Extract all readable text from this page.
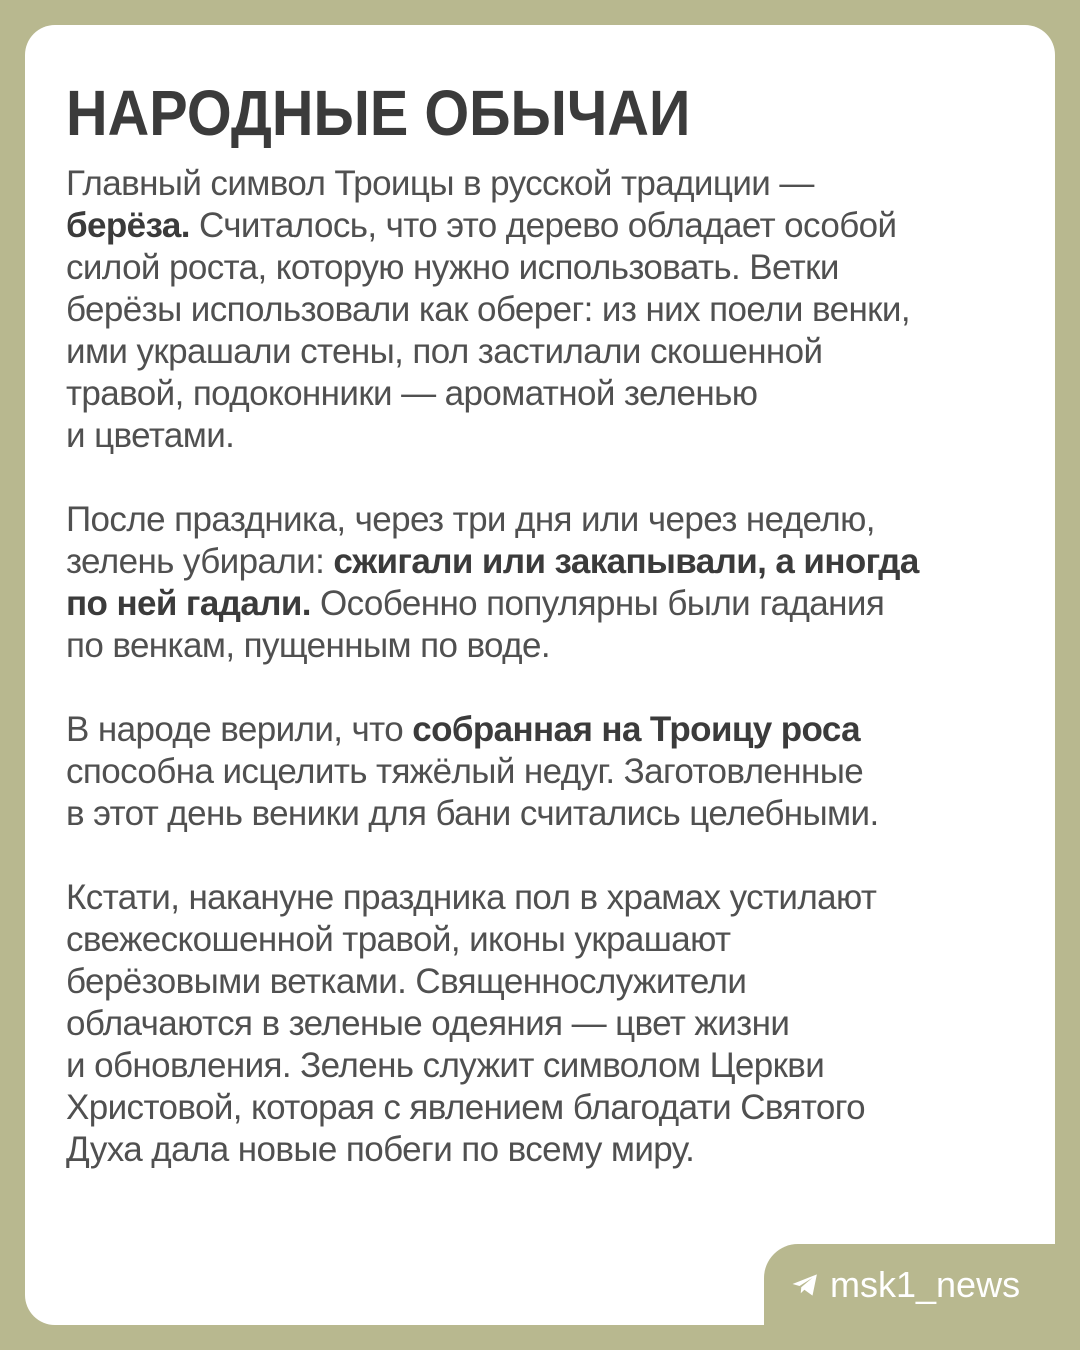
НАРОДНЫЕ ОБЫЧАИ

Главный символ Троицы в русской традиции —
берёза. Считалось, что это дерево обладает особой
силой роста, которую нужно использовать. Ветки
берёзы использовали как оберег: из них поели венки,
ими украшали стены, пол застилали скошенной
травой, подоконники — ароматной зеленью
и цветами.

После праздника, через три дня или через неделю,
зелень убирали: сжигали или закапывали, а иногда
по ней гадали. Особенно популярны были гадания
по венкам, пущенным по воде.

В народе верили, что собранная на Троицу роса
способна исцелить тяжёлый недуг. Заготовленные
в этот день веники для бани считались целебными.

Кстати, накануне праздника пол в храмах устилают
свежескошенной травой, иконы украшают
берёзовыми ветками. Священнослужители
облачаются в зеленые одеяния — цвет жизни
и обновления. Зелень служит символом Церкви
Христовой, которая с явлением благодати Святого
Духа дала новые побеги по всему миру.

msk1_news
